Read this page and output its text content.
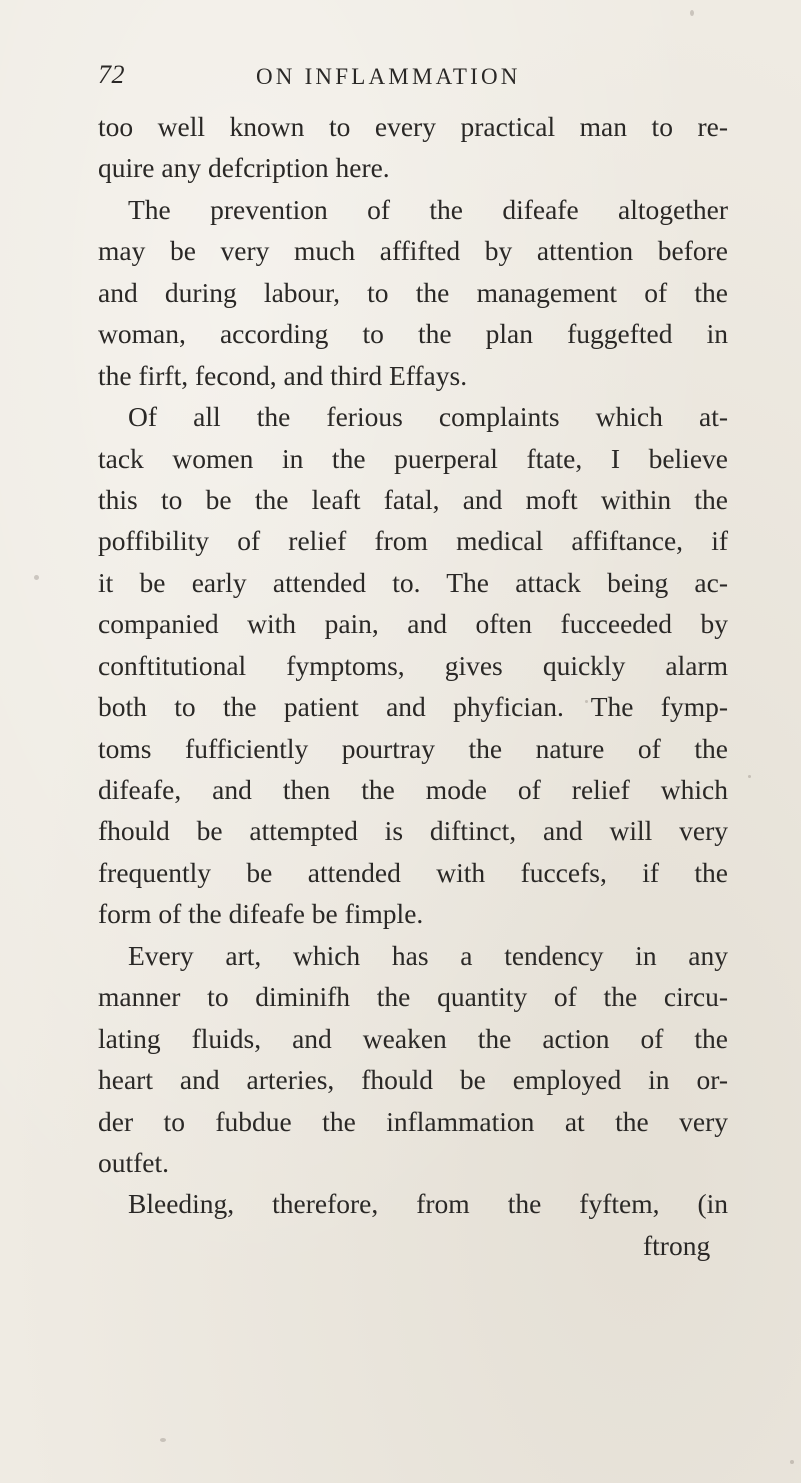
72	ON INFLAMMATION
too well known to every practical man to re-
quire any defcription here.
The prevention of the difeafe altogether
may be very much affifted by attention before
and during labour, to the management of the
woman, according to the plan fuggefted in
the firft, fecond, and third Effays.
Of all the ferious complaints which at-
tack women in the puerperal ftate, I believe
this to be the leaft fatal, and moft within the
poffibility of relief from medical affiftance, if
it be early attended to. The attack being ac-
companied with pain, and often fucceeded by
conftitutional fymptoms, gives quickly alarm
both to the patient and phyfician. The fymp-
toms fufficiently pourtray the nature of the
difeafe, and then the mode of relief which
fhould be attempted is diftinct, and will very
frequently be attended with fuccefs, if the
form of the difeafe be fimple.
Every art, which has a tendency in any
manner to diminifh the quantity of the circu-
lating fluids, and weaken the action of the
heart and arteries, fhould be employed in or-
der to fubdue the inflammation at the very
outfet.
Bleeding, therefore, from the fyftem, (in
ftrong
